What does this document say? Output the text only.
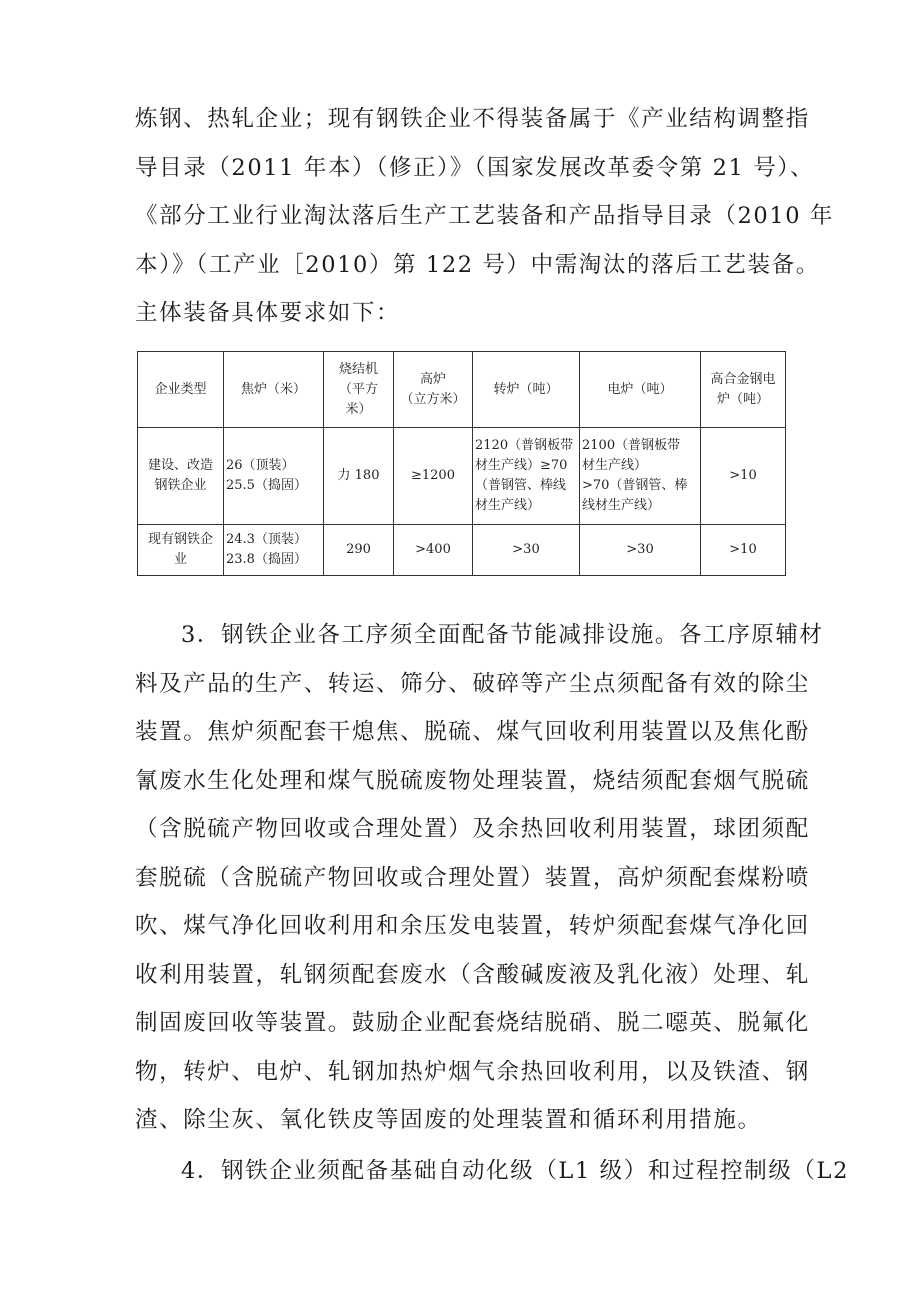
炼钢、热轧企业；现有钢铁企业不得装备属于《产业结构调整指
导目录（2011 年本）（修正）》（国家发展改革委令第 21 号）、
《部分工业行业淘汰落后生产工艺装备和产品指导目录（2010 年
本）》（工产业［2010）第 122 号）中需淘汰的落后工艺装备。
主体装备具体要求如下：
企业类型	焦炉（米）	烧结机
（平方
米）	高炉
（立方米）	转炉（吨）	电炉（吨）	高合金钢电
炉（吨）

建设、改造
钢铁企业	26（顶装）
25.5（捣固）	力 180	≥1200	2120（普钢板带
材生产线）≥70
（普钢管、棒线
材生产线）	2100（普钢板带
材生产线）
>70（普钢管、棒
线材生产线）	>10

现有钢铁企
业	24.3（顶装）
23.8（捣固）	290	>400	>30	>30	>10
3．钢铁企业各工序须全面配备节能减排设施。各工序原辅材
料及产品的生产、转运、筛分、破碎等产尘点须配备有效的除尘
装置。焦炉须配套干熄焦、脱硫、煤气回收利用装置以及焦化酚
氰废水生化处理和煤气脱硫废物处理装置，烧结须配套烟气脱硫
（含脱硫产物回收或合理处置）及余热回收利用装置，球团须配
套脱硫（含脱硫产物回收或合理处置）装置，高炉须配套煤粉喷
吹、煤气净化回收利用和余压发电装置，转炉须配套煤气净化回
收利用装置，轧钢须配套废水（含酸碱废液及乳化液）处理、轧
制固废回收等装置。鼓励企业配套烧结脱硝、脱二噁英、脱氟化
物，转炉、电炉、轧钢加热炉烟气余热回收利用，以及铁渣、钢
渣、除尘灰、氧化铁皮等固废的处理装置和循环利用措施。
4．钢铁企业须配备基础自动化级（L1 级）和过程控制级（L2
